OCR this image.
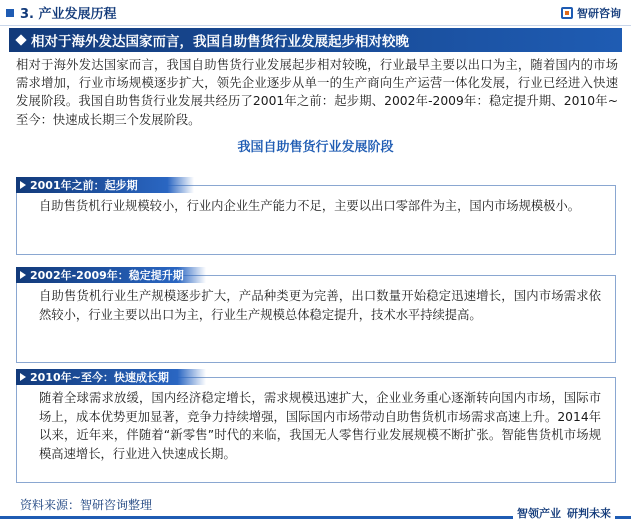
3. 产业发展历程	智研咨询
相对于海外发达国家而言，我国自助售货行业发展起步相对较晚
相对于海外发达国家而言，我国自助售货行业发展起步相对较晚，行业最早主要以出口为主，随着国内的市场需求增加，行业市场规模逐步扩大，领先企业逐步从单一的生产商向生产运营一体化发展，行业已经进入快速发展阶段。我国自助售货行业发展共经历了2001年之前：起步期、2002年-2009年：稳定提升期、2010年~至今：快速成长期三个发展阶段。
我国自助售货行业发展阶段
2001年之前：起步期
自助售货机行业规模较小，行业内企业生产能力不足，主要以出口零部件为主，国内市场规模极小。
2002年-2009年：稳定提升期
自助售货机行业生产规模逐步扩大，产品种类更为完善，出口数量开始稳定迅速增长，国内市场需求依然较小，行业主要以出口为主，行业生产规模总体稳定提升，技术水平持续提高。
2010年~至今：快速成长期
随着全球需求放缓，国内经济稳定增长，需求规模迅速扩大，企业业务重心逐渐转向国内市场，国际市场上，成本优势更加显著，竞争力持续增强，国际国内市场带动自助售货机市场需求高速上升。2014年以来，近年来，伴随着“新零售”时代的来临，我国无人零售行业发展规模不断扩张。智能售货机市场规模高速增长，行业进入快速成长期。
资料来源：智研咨询整理
智领产业 研判未来
